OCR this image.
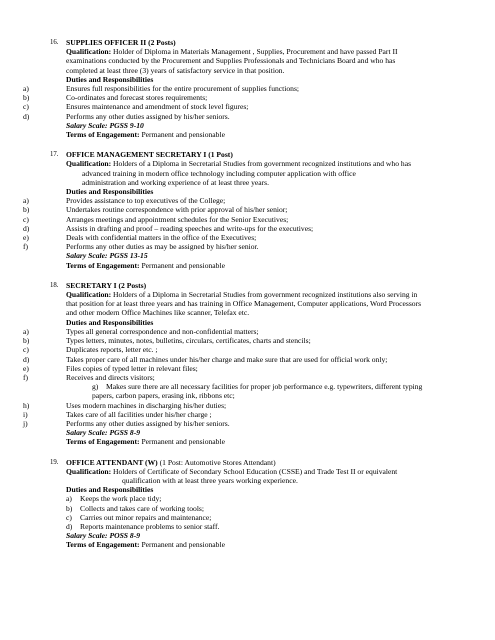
16. SUPPLIES OFFICER II (2 Posts)
Qualification: Holder of Diploma in Materials Management , Supplies, Procurement and have passed Part II
examinations conducted by the Procurement and Supplies Professionals and Technicians Board and who has
completed at least three (3) years of satisfactory service in that position.
Duties and Responsibilities
a)	Ensures full responsibilities for the entire procurement of supplies functions;
b)	Co-ordinates and forecast stores requirements;
c)	Ensures maintenance and amendment of stock level figures;
d)	Performs any other duties assigned by his/her seniors.
Salary Scale: PGSS 9-10
Terms of Engagement: Permanent and pensionable
17. OFFICE MANAGEMENT SECRETARY I (1 Post)
Qualification: Holders of a Diploma in Secretarial Studies from government recognized institutions and who has
advanced training in modern office technology including computer application with office
administration and working experience of at least three years.
Duties and Responsibilities
a)	Provides assistance to top executives of the College;
b)	Undertakes routine correspondence with prior approval of his/her senior;
c)	Arranges meetings and appointment schedules for the Senior Executives;
d)	Assists in drafting and proof – reading speeches and write-ups for the executives;
e)	Deals with confidential matters in the office of the Executives;
f)	Performs any other duties as may be assigned by his/her senior.
Salary Scale: PGSS 13-15
Terms of Engagement: Permanent and pensionable
18. SECRETARY I (2 Posts)
Qualification: Holders of a Diploma in Secretarial Studies from government recognized institutions also serving in
that position for at least three years and has training in Office Management, Computer applications, Word Processors
and other modern Office Machines like scanner, Telefax etc.
Duties and Responsibilities
a)	Types all general correspondence and non-confidential matters;
b)	Types letters, minutes, notes, bulletins, circulars, certificates, charts and stencils;
c)	Duplicates reports, letter etc. ;
d)	Takes proper care of all machines under his/her charge and make sure that are used for official work only;
e)	Files copies of typed letter in relevant files;
f)	Receives and directs visitors;
g) Makes sure there are all necessary facilities for proper job performance e.g. typewriters, different typing
papers, carbon papers, erasing ink, ribbons etc;
h)	Uses modern machines in discharging his/her duties;
i)	Takes care of all facilities under his/her charge ;
j)	Performs any other duties assigned by his/her seniors.
Salary Scale: PGSS 8-9
Terms of Engagement: Permanent and pensionable
19. OFFICE ATTENDANT (W) (1 Post: Automotive Stores Attendant)
Qualification: Holders of Certificate of Secondary School Education (CSSE) and Trade Test II or equivalent
qualification with at least three years working experience.
Duties and Responsibilities
a) Keeps the work place tidy;
b) Collects and takes care of working tools;
c) Carries out minor repairs and maintenance;
d) Reports maintenance problems to senior staff.
Salary Scale: POSS 8-9
Terms of Engagement: Permanent and pensionable
